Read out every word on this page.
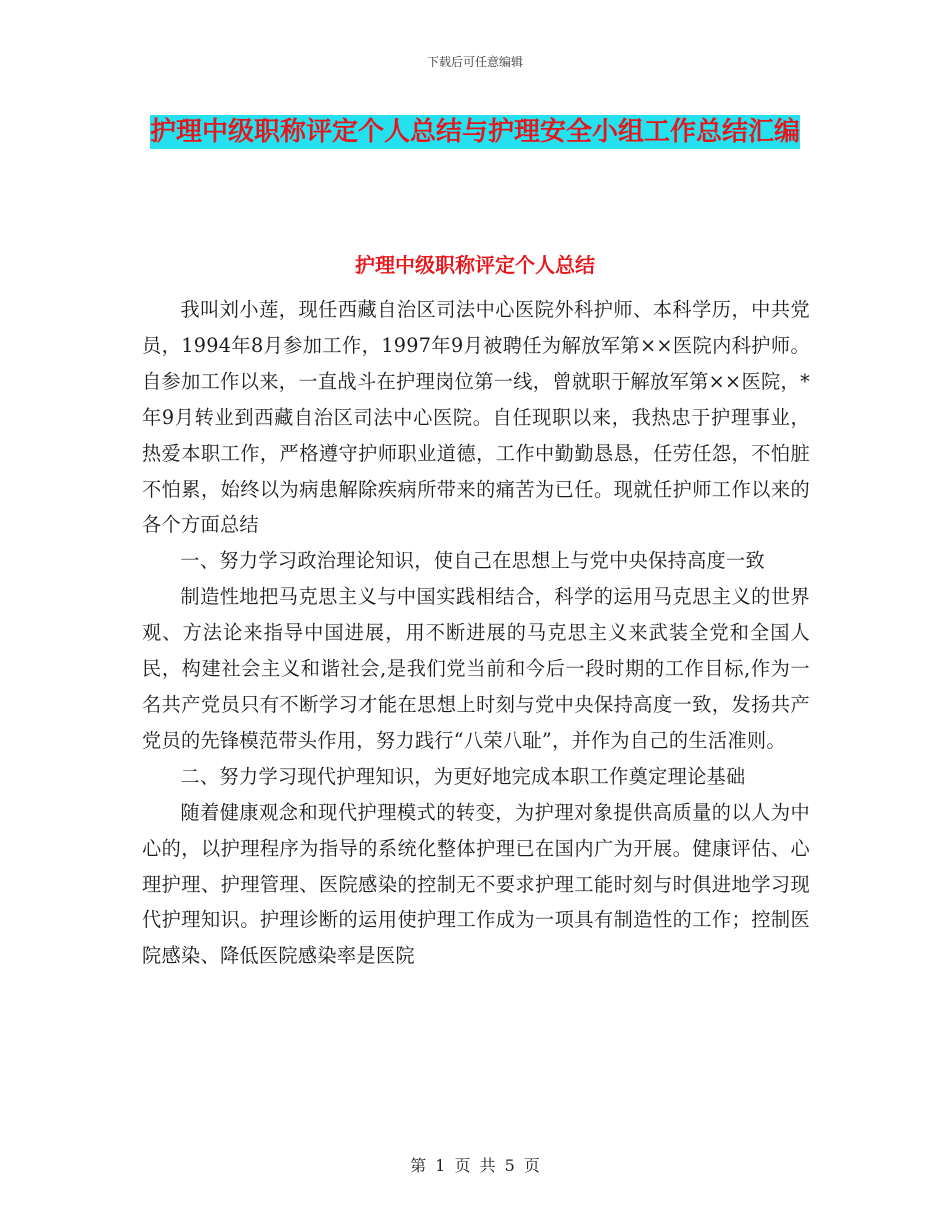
下载后可任意编辑
护理中级职称评定个人总结与护理安全小组工作总结汇编
护理中级职称评定个人总结

我叫刘小莲，现任西藏自治区司法中心医院外科护师、本科学历，中共党员，1994年8月参加工作，1997年9月被聘任为解放军第××医院内科护师。自参加工作以来，一直战斗在护理岗位第一线，曾就职于解放军第××医院，*年9月转业到西藏自治区司法中心医院。自任现职以来，我热忠于护理事业，热爱本职工作，严格遵守护师职业道德，工作中勤勤恳恳，任劳任怨，不怕脏不怕累，始终以为病患解除疾病所带来的痛苦为已任。现就任护师工作以来的各个方面总结

一、努力学习政治理论知识，使自己在思想上与党中央保持高度一致

制造性地把马克思主义与中国实践相结合，科学的运用马克思主义的世界观、方法论来指导中国进展，用不断进展的马克思主义来武装全党和全国人民，构建社会主义和谐社会,是我们党当前和今后一段时期的工作目标,作为一名共产党员只有不断学习才能在思想上时刻与党中央保持高度一致，发扬共产党员的先锋模范带头作用，努力践行“八荣八耻”，并作为自己的生活准则。

二、努力学习现代护理知识，为更好地完成本职工作奠定理论基础

随着健康观念和现代护理模式的转变，为护理对象提供高质量的以人为中心的，以护理程序为指导的系统化整体护理已在国内广为开展。健康评估、心理护理、护理管理、医院感染的控制无不要求护理工能时刻与时俱进地学习现代护理知识。护理诊断的运用使护理工作成为一项具有制造性的工作；控制医院感染、降低医院感染率是医院

第 1 页 共 5 页
